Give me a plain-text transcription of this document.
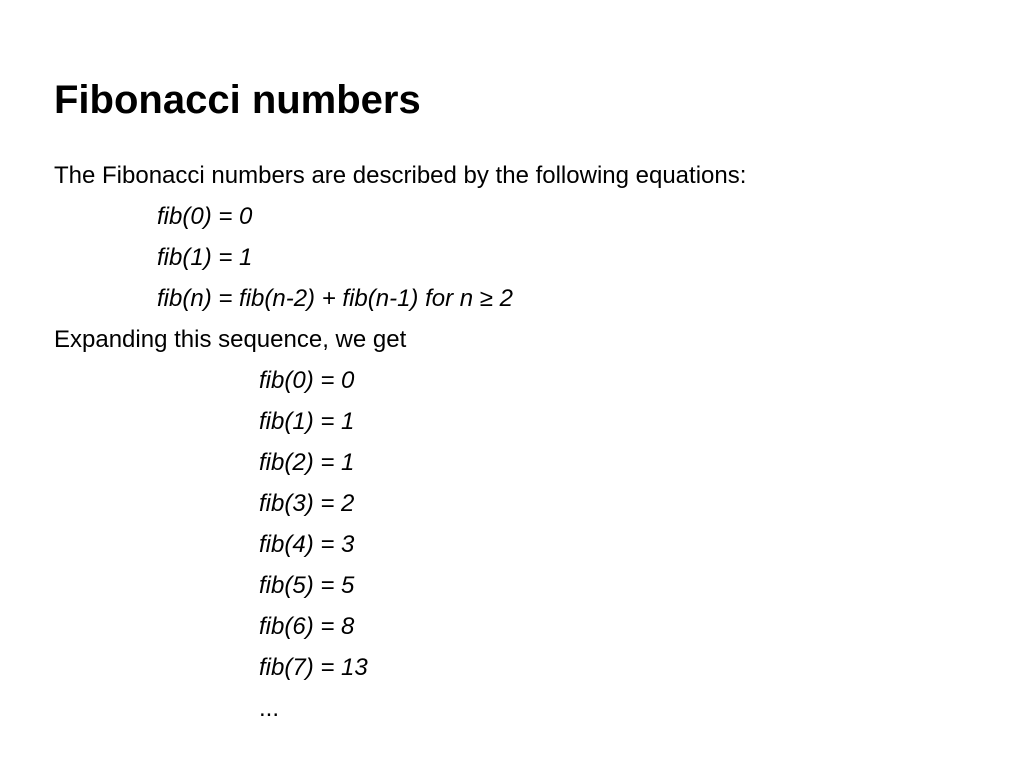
Fibonacci numbers

The Fibonacci numbers are described by the following equations:

fib(0) = 0

fib(1) = 1

fib(n) = fib(n-2) + fib(n-1) for n ≥ 2

Expanding this sequence, we get

fib(0) = 0

fib(1) = 1

fib(2) = 1

fib(3) = 2

fib(4) = 3

fib(5) = 5

fib(6) = 8

fib(7) = 13

...
